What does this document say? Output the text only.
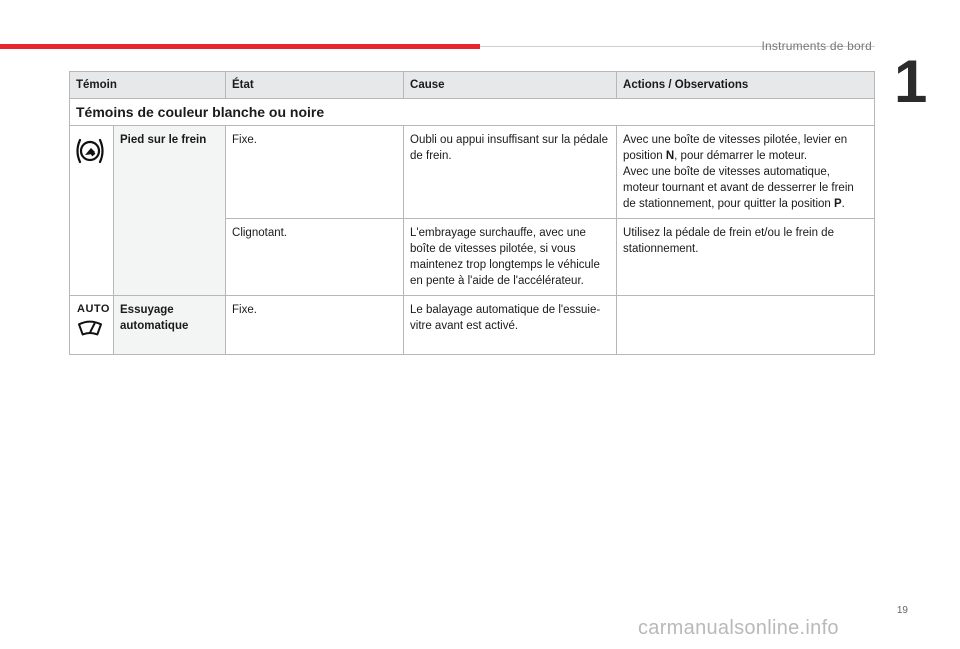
Instruments de bord
1
Témoin		État	Cause	Actions / Observations
Témoins de couleur blanche ou noire				
	Pied sur le frein	Fixe.	Oubli ou appui insuffisant sur la pédale de frein.	Avec une boîte de vitesses pilotée, levier en position N, pour démarrer le moteur.
Avec une boîte de vitesses automatique, moteur tournant et avant de desserrer le frein de stationnement, pour quitter la position P.

		Clignotant.	L'embrayage surchauffe, avec une boîte de vitesses pilotée, si vous maintenez trop longtemps le véhicule en pente à l'aide de l'accélérateur.	Utilisez la pédale de frein et/ou le frein de stationnement.

AUTO	Essuyage automatique	Fixe.	Le balayage automatique de l'essuie-vitre avant est activé.	
19
carmanualsonline.info
